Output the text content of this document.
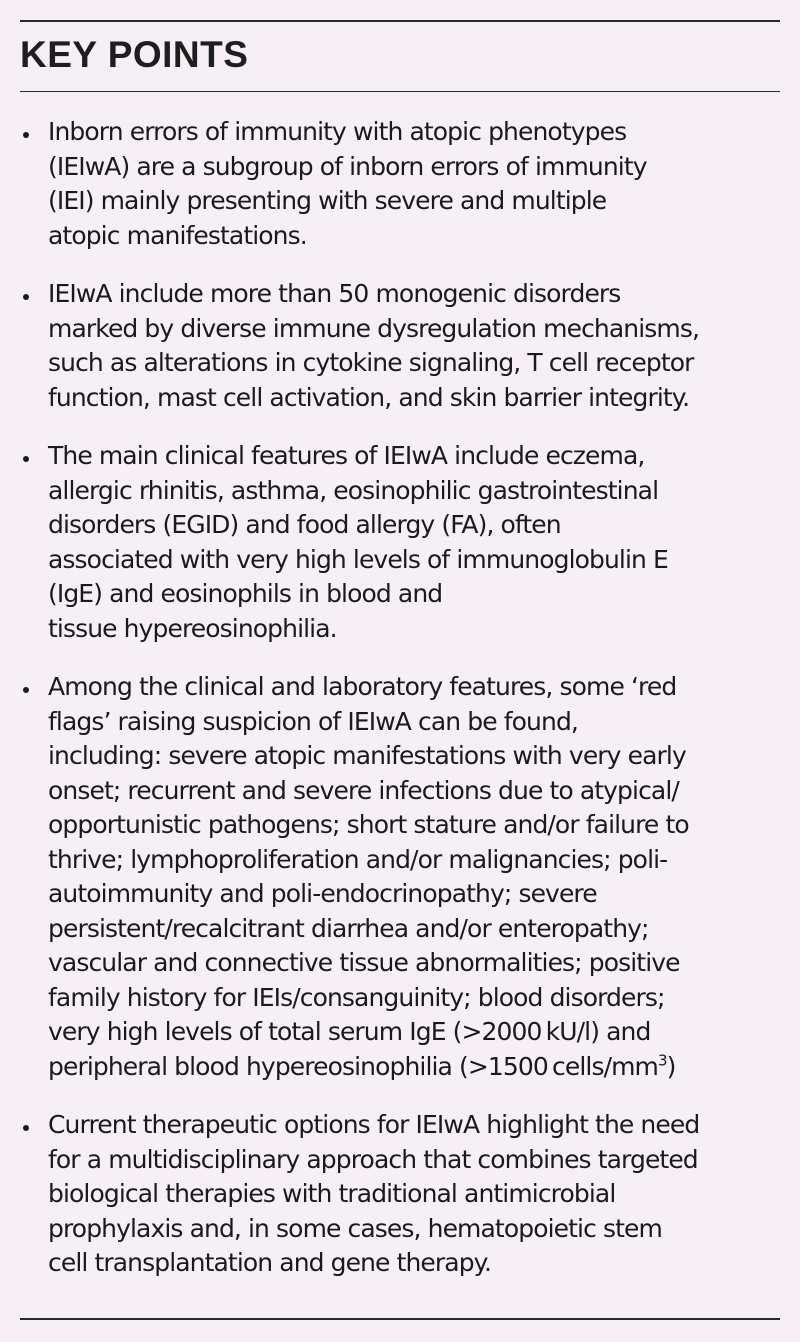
KEY POINTS
Inborn errors of immunity with atopic phenotypes
(IEIwA) are a subgroup of inborn errors of immunity
(IEI) mainly presenting with severe and multiple
atopic manifestations.
IEIwA include more than 50 monogenic disorders
marked by diverse immune dysregulation mechanisms,
such as alterations in cytokine signaling, T cell receptor
function, mast cell activation, and skin barrier integrity.
The main clinical features of IEIwA include eczema,
allergic rhinitis, asthma, eosinophilic gastrointestinal
disorders (EGID) and food allergy (FA), often
associated with very high levels of immunoglobulin E
(IgE) and eosinophils in blood and
tissue hypereosinophilia.
Among the clinical and laboratory features, some ‘red
flags’ raising suspicion of IEIwA can be found,
including: severe atopic manifestations with very early
onset; recurrent and severe infections due to atypical/
opportunistic pathogens; short stature and/or failure to
thrive; lymphoproliferation and/or malignancies; poli-
autoimmunity and poli-endocrinopathy; severe
persistent/recalcitrant diarrhea and/or enteropathy;
vascular and connective tissue abnormalities; positive
family history for IEIs/consanguinity; blood disorders;
very high levels of total serum IgE (>2000 kU/l) and
peripheral blood hypereosinophilia (>1500 cells/$mm^3$)
Current therapeutic options for IEIwA highlight the need
for a multidisciplinary approach that combines targeted
biological therapies with traditional antimicrobial
prophylaxis and, in some cases, hematopoietic stem
cell transplantation and gene therapy.
